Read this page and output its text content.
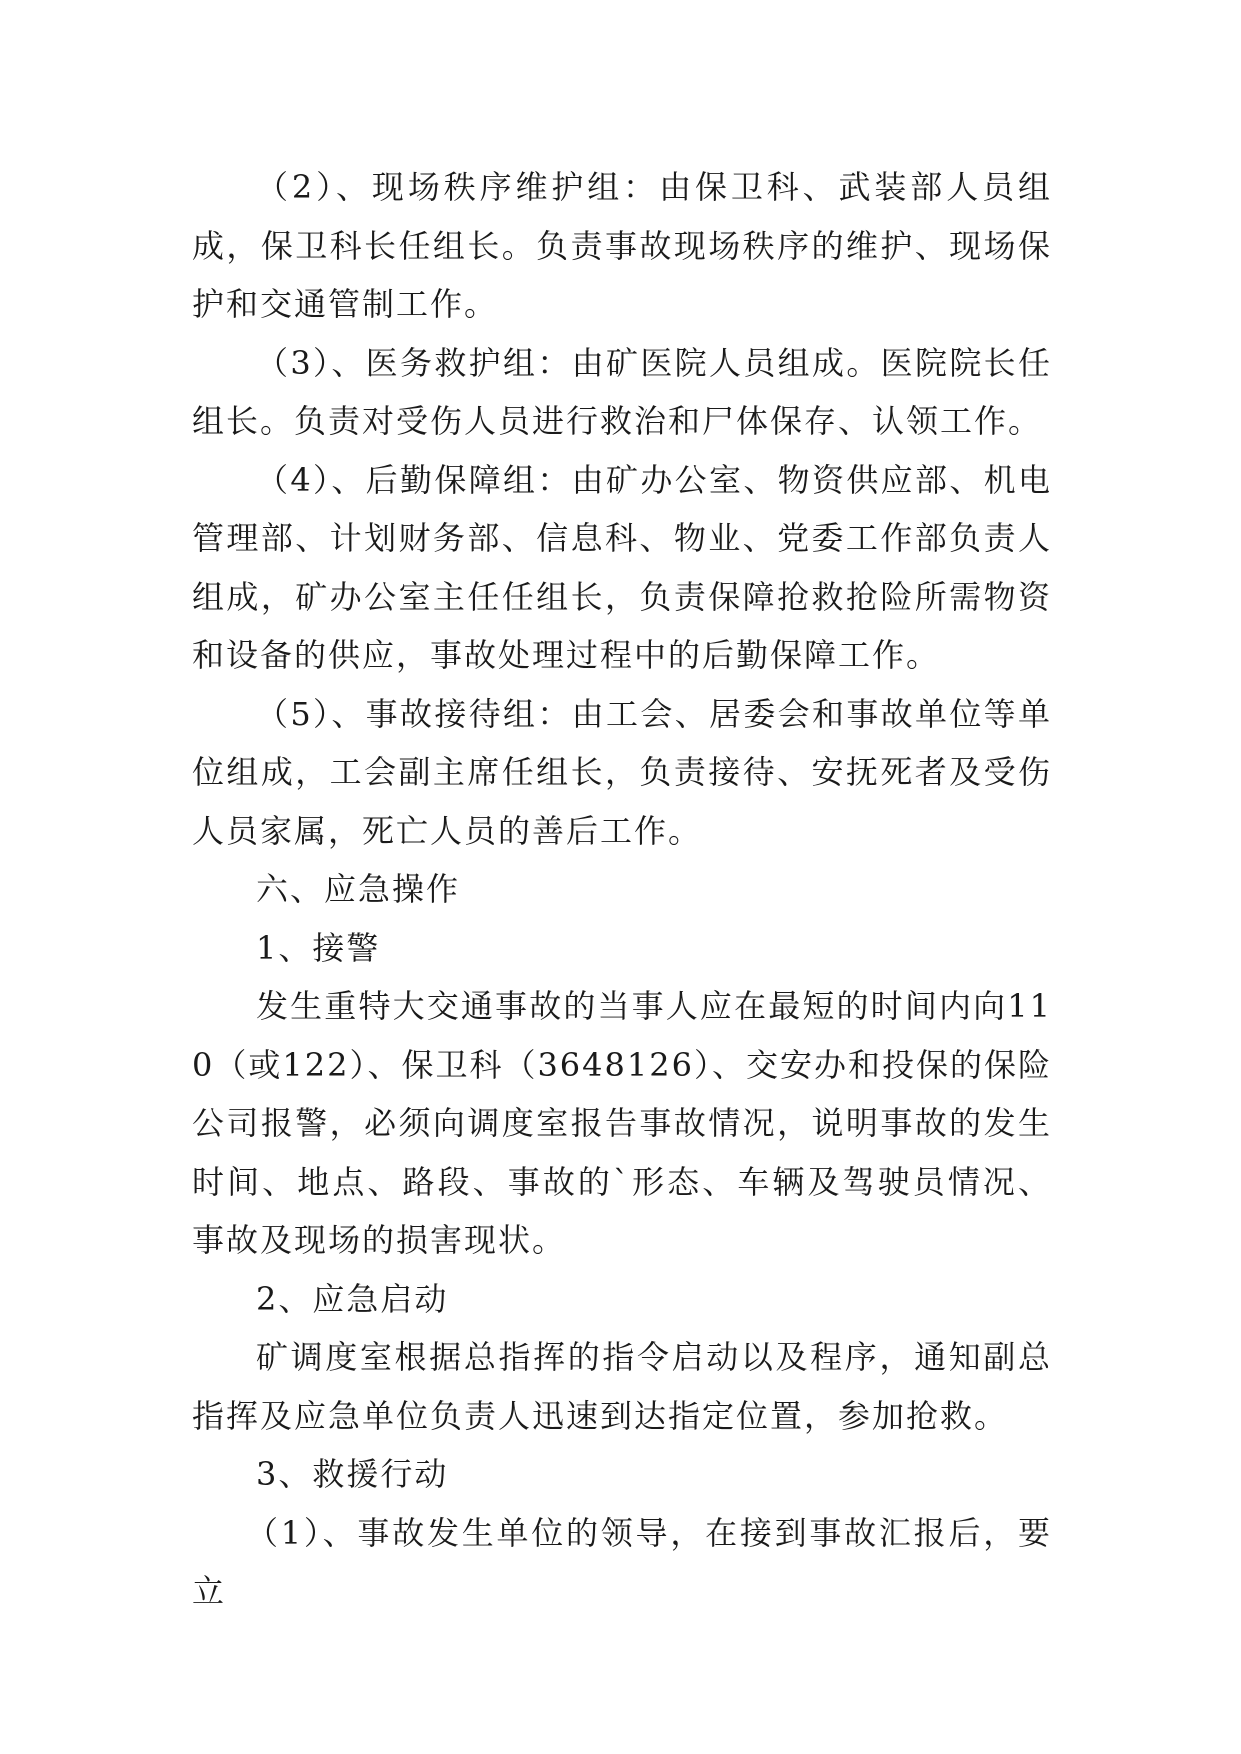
（2）、现场秩序维护组：由保卫科、武装部人员组成，保卫科长任组长。负责事故现场秩序的维护、现场保护和交通管制工作。

（3）、医务救护组：由矿医院人员组成。医院院长任组长。负责对受伤人员进行救治和尸体保存、认领工作。

（4）、后勤保障组：由矿办公室、物资供应部、机电管理部、计划财务部、信息科、物业、党委工作部负责人组成，矿办公室主任任组长，负责保障抢救抢险所需物资和设备的供应，事故处理过程中的后勤保障工作。

（5）、事故接待组：由工会、居委会和事故单位等单位组成，工会副主席任组长，负责接待、安抚死者及受伤人员家属，死亡人员的善后工作。

六、应急操作

1、接警

发生重特大交通事故的当事人应在最短的时间内向110（或122）、保卫科（3648126）、交安办和投保的保险公司报警，必须向调度室报告事故情况，说明事故的发生时间、地点、路段、事故的`形态、车辆及驾驶员情况、事故及现场的损害现状。

2、应急启动

矿调度室根据总指挥的指令启动以及程序，通知副总指挥及应急单位负责人迅速到达指定位置，参加抢救。

3、救援行动

（1）、事故发生单位的领导，在接到事故汇报后，要立
